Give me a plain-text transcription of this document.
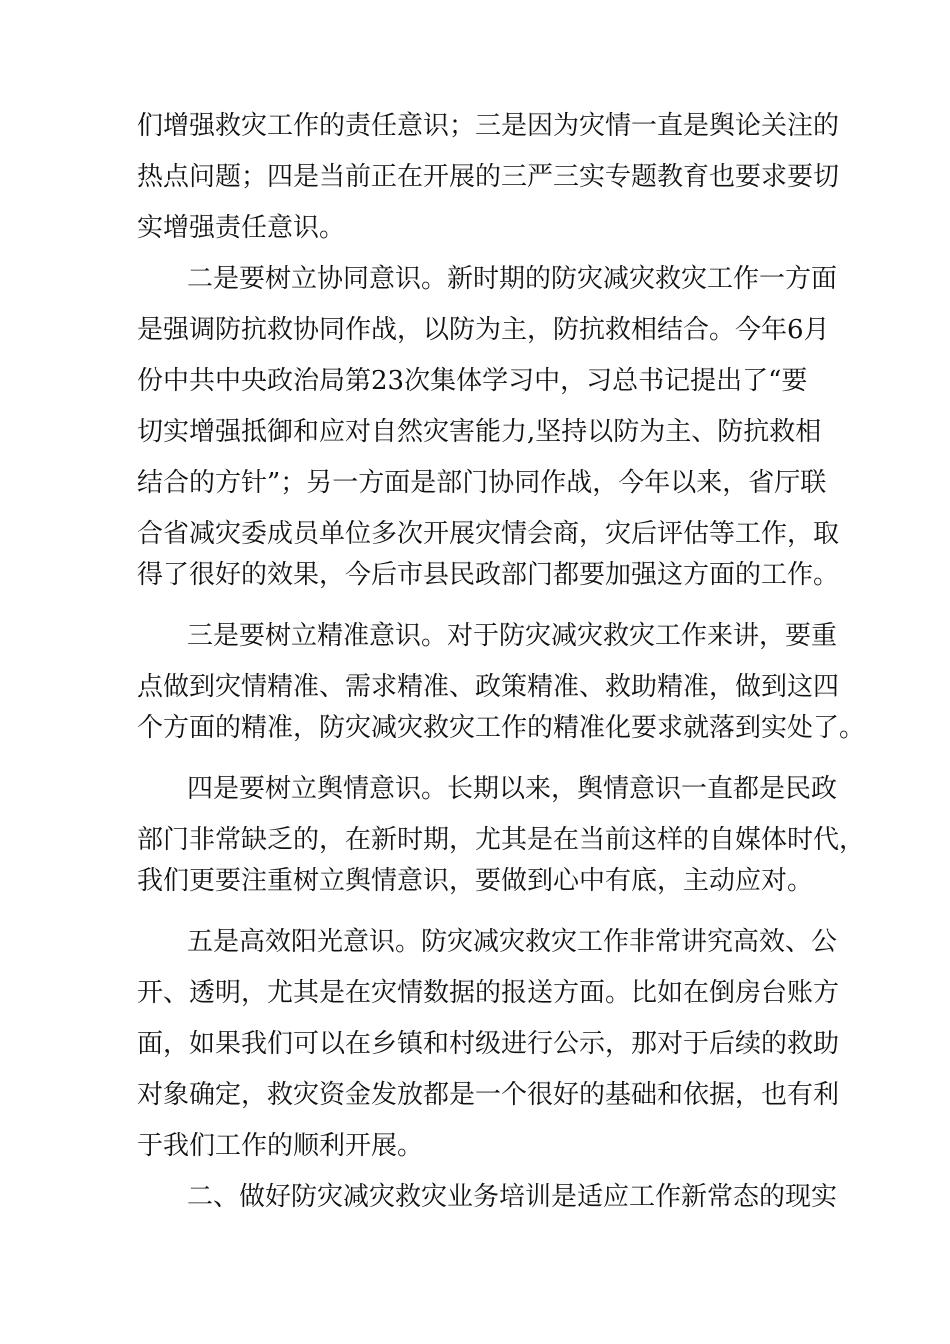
们增强救灾工作的责任意识；三是因为灾情一直是舆论关注的
热点问题；四是当前正在开展的三严三实专题教育也要求要切
实增强责任意识。
二是要树立协同意识。新时期的防灾减灾救灾工作一方面
是强调防抗救协同作战，以防为主，防抗救相结合。今年6月
份中共中央政治局第23次集体学习中，习总书记提出了“要
切实增强抵御和应对自然灾害能力,坚持以防为主、防抗救相
结合的方针”；另一方面是部门协同作战，今年以来，省厅联
合省减灾委成员单位多次开展灾情会商，灾后评估等工作，取
得了很好的效果，今后市县民政部门都要加强这方面的工作。
三是要树立精准意识。对于防灾减灾救灾工作来讲，要重
点做到灾情精准、需求精准、政策精准、救助精准，做到这四
个方面的精准，防灾减灾救灾工作的精准化要求就落到实处了。
四是要树立舆情意识。长期以来，舆情意识一直都是民政
部门非常缺乏的，在新时期，尤其是在当前这样的自媒体时代，
我们更要注重树立舆情意识，要做到心中有底，主动应对。
五是高效阳光意识。防灾减灾救灾工作非常讲究高效、公
开、透明，尤其是在灾情数据的报送方面。比如在倒房台账方
面，如果我们可以在乡镇和村级进行公示，那对于后续的救助
对象确定，救灾资金发放都是一个很好的基础和依据，也有利
于我们工作的顺利开展。
二、做好防灾减灾救灾业务培训是适应工作新常态的现实
